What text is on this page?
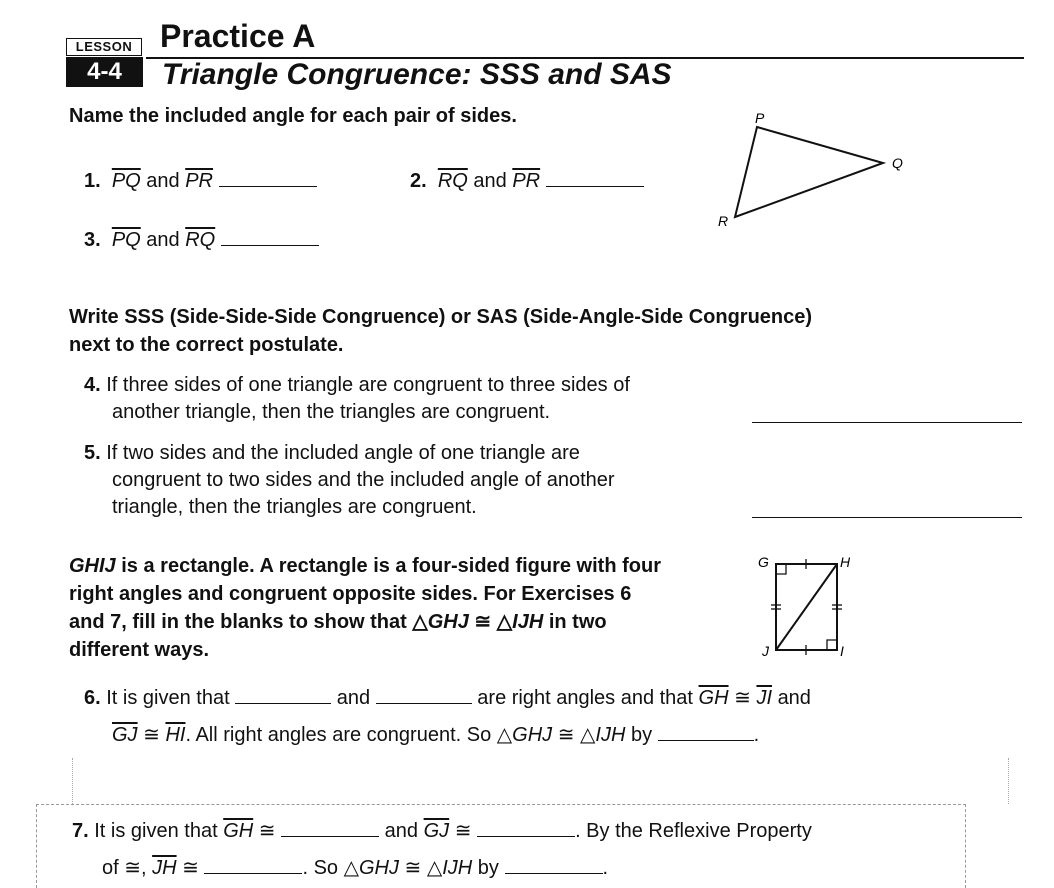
LESSON
4-4
Practice A
Triangle Congruence: SSS and SAS
Name the included angle for each pair of sides.
1. $\overline{PQ}$ and $\overline{PR}$	2. $\overline{RQ}$ and $\overline{PR}$
3. $\overline{PQ}$ and $\overline{RQ}$
P
Q
R
Write SSS (Side-Side-Side Congruence) or SAS (Side-Angle-Side Congruence)
next to the correct postulate.
4. If three sides of one triangle are congruent to three sides of
another triangle, then the triangles are congruent.
5. If two sides and the included angle of one triangle are
congruent to two sides and the included angle of another
triangle, then the triangles are congruent.
GHIJ is a rectangle. A rectangle is a four-sided figure with four
right angles and congruent opposite sides. For Exercises 6
and 7, fill in the blanks to show that △GHJ ≅ △IJH in two
different ways.
G	H
I
J
6. It is given that	and	are right angles and that $\overline{GH}$ ≅ $\overline{JI}$ and
$\overline{GJ}$ ≅ $\overline{HI}$. All right angles are congruent. So △GHJ ≅ △IJH by	.
7. It is given that $\overline{GH}$ ≅	and $\overline{GJ}$ ≅	. By the Reflexive Property
of ≅, $\overline{JH}$ ≅	. So △GHJ ≅ △IJH by	.
